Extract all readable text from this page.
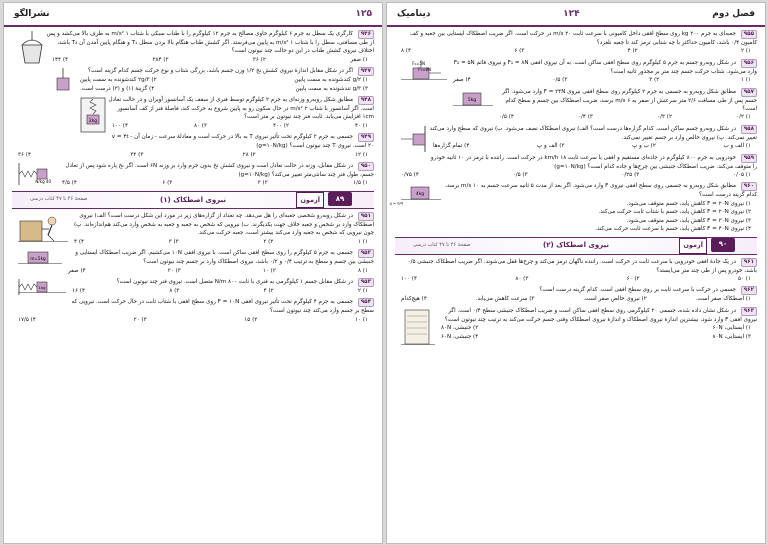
۱۲۵
نشرالگو
۹۴۶ کارگری یک سطل به جرم ۶ کیلوگرم حاوی مصالح به جرم ۱۲ کیلوگرم را با طناب سبکی با شتاب ۱ m/s² به طرف بالا می‌کشد و پس از طی مسافتی، سطل را با شتاب ۱ m/s² به پایین می‌فرستد. اگر کشش طناب هنگام بالا بردن سطل T₁ و هنگام پایین آمدن آن T₂ باشد، اختلاف نیروی کشش طناب در این دو حالت چند نیوتون است؟
۱) صفر
۲) ۳۶
۳) ۳۸۴
۴) ۱۴۴
۹۴۷ اگر در شکل مقابل اندازهٔ نیروی کشش نخ ۱/۲ وزن جسم باشد، بزرگی شتاب و نوع حرکت جسم کدام گزینه است؟
۱) g/۲ کندشونده به سمت پایین
۲) ۲g/۳ کندشونده به سمت پایین
۳) g/۳ تندشونده به سمت پایین
۴) گزینهٔ (۱) و (۳) درست است.
2kg
۹۴۸ مطابق شکل روبه‌رو وزنه‌ای به جرم ۲ کیلوگرم توسط فنری از سقف یک آسانسور آویزان و در حالت تعادل است. اگر آسانسور با شتاب ۲ m/s² در حال سکون رو به پایین شروع به حرکت کند، فاصلهٔ فنر از کف آسانسور ۱cm افزایش می‌یابد. ثابت فنر چند نیوتون بر متر است؟
۱) ۴۰
۲) ۴۰۰
۳) ۸۰
۴) ۱۰۰
۹۴۹ جسمی به جرم ۲ کیلوگرم تحت تأثیر نیروی T به بالا در حرکت است و معادلهٔ سرعت - زمان آن v = ۴t - ۲۰ است. نیروی T چند نیوتون است؟ (g=۱۰N/kg)
۱) ۱۲
۲) ۲۸
۳) ۳۲
۴) ۳۶
40 N/kg
۹۵۰ در شکل مقابل، وزنه در حالت تعادل است و نیروی کشش نخ بدون جرم وارد بر وزنه ۶N است. اگر نخ پاره شود پس از تعادل جسم، طول فنر چند سانتی‌متر تغییر می‌کند؟ (g=۱۰N/kg)
۱) ۱/۵
۲) ۳
۳) ۶
۴) ۴/۵
آزمون	۸۹
نیروی اصطکاک (۱)
صفحهٔ ۴۶ تا ۴۷ کتاب درسی
۹۵۱ در شکل روبه‌رو شخصی جعبه‌ای را هل می‌دهد. چه تعداد از گزاره‌های زیر در مورد این شکل درست است؟ الف) نیروی اصطکاک وارد بر شخص و جعبه خلاف جهت یکدیگرند. ب) نیرویی که شخص به جعبه و جعبه به شخص وارد می‌کند هم‌اندازه‌اند. پ) چون نیرویی که شخص به جعبه وارد می‌کند بیشتر است، جعبه حرکت می‌کند.
۱) ۱
۲) ۲
۳) ۳
۴) ۴
m=5kg
۹۵۲ جسمی به جرم ۵ کیلوگرم را روی سطح افقی ساکن است. با نیروی افقی ۱۰N می‌کشیم. اگر ضریب اصطکاک ایستایی و جنبشی بین جسم و سطح به ترتیب ۰/۴ و ۰/۲ باشد، نیروی اصطکاک وارد بر جسم چند نیوتون است؟
۱) ۸
۲) ۱۰
۳) ۲۰
۴) صفر
1kg
۹۵۳ در شکل مقابل جسم ۱ کیلوگرمی به فنری با ثابت ۸۰۰ N/m متصل است. نیروی فنر چند نیوتون است؟
۱) ۲
۲) ۴
۳) ۸
۴) ۱۶
۹۵۴ جسمی به جرم ۴ کیلوگرم تحت تأثیر نیروی افقی F = ۱۰N روی سطح افقی با شتاب ثابت در حال حرکت است. نیرویی که سطح بر جسم وارد می‌کند چند نیوتون است؟
۱) ۱۰
۲) ۱۵
۳) ۲۰
۴) ۱۷/۵
فصل دوم
۱۲۴
دینامیک
۹۵۵ جعبه‌ای به جرم ۲۰۰ kg روی سطح افقی داخل کامیونی با سرعت ثابت ۲۰ m/s در حرکت است. اگر ضریب اصطکاک ایستایی بین جعبه و کف کامیون ۰/۴ باشد، کامیون حداکثر با چه شتابی ترمز کند تا جعبه نلغزد؟
۱) ۲
۲) ۴
۳) ۶
۴) ۸
F₂=5N
F₁=8N
۹۵۶ در شکل روبه‌رو جسم به جرم ۵ کیلوگرم روی سطح افقی ساکن است. به آن نیروی افقی F₁ = ۸N و نیروی قائم F₂ = ۵N وارد می‌شود. شتاب حرکت جسم چند متر بر مجذور ثانیه است؟
۱) ۱
۲) ۳
۳) ۰/۵
۴) صفر
5kg
۹۵۷ مطابق شکل روبه‌رو به جسمی به جرم ۲ کیلوگرم روی سطح افقی نیروی F = ۲۴N وارد می‌شود. اگر جسم پس از طی مسافت ۲/۶ متر سرعتش از صفر به ۶ m/s برسد، ضریب اصطکاک بین جسم و سطح کدام است؟
۱) ۰/۲
۲) ۰/۳
۳) ۰/۴
۴) ۰/۵
۹۵۸ در شکل روبه‌رو جسم ساکن است. کدام گزاره‌ها درست است؟ الف) نیروی اصطکاک نصف می‌شود. ب) نیروی که سطح وارد می‌کند تغییر نمی‌کند. پ) نیروی خالص وارد بر جسم تغییر نمی‌کند.
۱) الف و ب
۲) ب و پ
۳) الف و پ
۴) تمام گزاره‌ها
۹۵۹ خودرویی به جرم ۸۰۰ کیلوگرم در جاده‌ای مستقیم و افقی با سرعت ثابت ۱۸ km/h در حرکت است. راننده با ترمز در ۱۰ ثانیه خودرو را متوقف می‌کند. ضریب اصطکاک جنبشی بین چرخ‌ها و جاده کدام است؟ (g=۱۰N/kg)
۱) ۰/۰۵
۲) ۰/۲۵
۳) ۰/۵
۴) ۰/۷۵
4kg
μ = 0/4
۹۶۰ مطابق شکل روبه‌رو به جسمی روی سطح افقی نیروی F وارد می‌شود. اگر بعد از مدت ۵ ثانیه سرعت جسم به ۱۰ m/s برسد، کدام گزینه درست است؟
۱) نیروی F = ۲۰N کاهش یابد، جسم متوقف می‌شود.
۲) نیروی F = ۲۰N کاهش یابد، جسم با شتاب ثابت حرکت می‌کند.
۳) نیروی F = ۳۰N کاهش یابد، جسم متوقف می‌شود.
۴) نیروی F = ۴۰N کاهش یابد، جسم با سرعت ثابت حرکت می‌کند.
آزمون	۹۰
نیروی اصطکاک (۲)
صفحهٔ ۴۶ تا ۴۷ کتاب درسی
۹۶۱ در یک جادهٔ افقی خودرویی با سرعت ثابت در حرکت است. راننده ناگهان ترمز می‌کند و چرخ‌ها قفل می‌شوند. اگر ضریب اصطکاک جنبشی ۰/۵ باشد، خودرو پس از طی چند متر می‌ایستد؟
۱) ۵۰
۲) ۶۰
۳) ۸۰
۴) ۱۰۰
۹۶۲ جسمی در حرکت با سرعت ثابت بر روی سطح افقی است. کدام گزینه درست است؟
۱) اصطکاک صفر است.
۲) نیروی خالص صفر است.
۳) سرعت کاهش می‌یابد.
۴) هیچ‌کدام
۹۶۳ در شکل نشان داده شده، جسمی ۲۰ کیلوگرمی روی سطح افقی ساکن است و ضریب اصطکاک جنبشی سطح ۰/۴ است. اگر نیروی افقی F وارد شود، بیشترین اندازهٔ نیروی اصطکاک و اندازهٔ نیروی اصطکاک وقتی جسم حرکت می‌کند به ترتیب چند نیوتون است؟
۱) ایستایی، ۶۰N
۲) جنبشی، ۸۰N
۳) ایستایی، ۸۰N
۴) جنبشی، ۶۰N
